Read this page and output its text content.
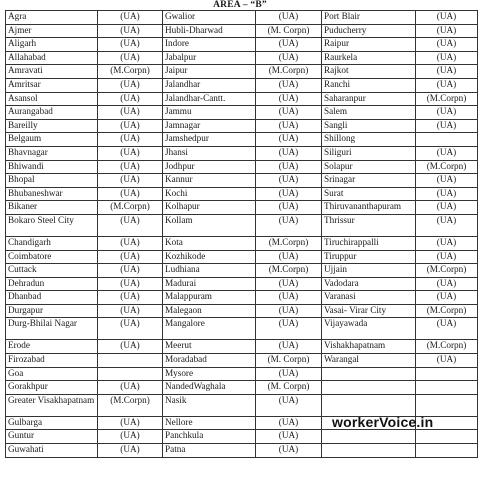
AREA – “B”
Agra	(UA)	Gwalior	(UA)	Port Blair	(UA)
Ajmer	(UA)	Hubli-Dharwad	(M. Corpn)	Puducherry	(UA)
Aligarh	(UA)	Indore	(UA)	Raipur	(UA)
Allahabad	(UA)	Jabalpur	(UA)	Raurkela	(UA)
Amravati	(M.Corpn)	Jaipur	(M.Corpn)	Rajkot	(UA)
Amritsar	(UA)	Jalandhar	(UA)	Ranchi	(UA)
Asansol	(UA)	Jalandhar-Cantt.	(UA)	Saharanpur	(M.Corpn)
Aurangabad	(UA)	Jammu	(UA)	Salem	(UA)
Bareilly	(UA)	Jamnagar	(UA)	Sangli	(UA)
Belgaum	(UA)	Jamshedpur	(UA)	Shillong	
Bhavnagar	(UA)	Jhansi	(UA)	Siliguri	(UA)
Bhiwandi	(UA)	Jodhpur	(UA)	Solapur	(M.Corpn)
Bhopal	(UA)	Kannur	(UA)	Srinagar	(UA)
Bhubaneshwar	(UA)	Kochi	(UA)	Surat	(UA)
Bikaner	(M.Corpn)	Kolhapur	(UA)	Thiruvananthapuram	(UA)
Bokaro Steel City	(UA)	Kollam	(UA)	Thrissur	(UA)
Chandigarh	(UA)	Kota	(M.Corpn)	Tiruchirappalli	(UA)
Coimbatore	(UA)	Kozhikode	(UA)	Tiruppur	(UA)
Cuttack	(UA)	Ludhiana	(M.Corpn)	Ujjain	(M.Corpn)
Dehradun	(UA)	Madurai	(UA)	Vadodara	(UA)
Dhanbad	(UA)	Malappuram	(UA)	Varanasi	(UA)
Durgapur	(UA)	Malegaon	(UA)	Vasai- Virar City	(M.Corpn)
Durg-Bhilai Nagar	(UA)	Mangalore	(UA)	Vijayawada	(UA)
Erode	(UA)	Meerut	(UA)	Vishakhapatnam	(M.Corpn)
Firozabad		Moradabad	(M. Corpn)	Warangal	(UA)
Goa		Mysore	(UA)		
Gorakhpur	(UA)	NandedWaghala	(M. Corpn)		
Greater Visakhapatnam	(M.Corpn)	Nasik	(UA)		
Gulbarga	(UA)	Nellore	(UA)		
Guntur	(UA)	Panchkula	(UA)		
Guwahati	(UA)	Patna	(UA)		
workerVoice.in
